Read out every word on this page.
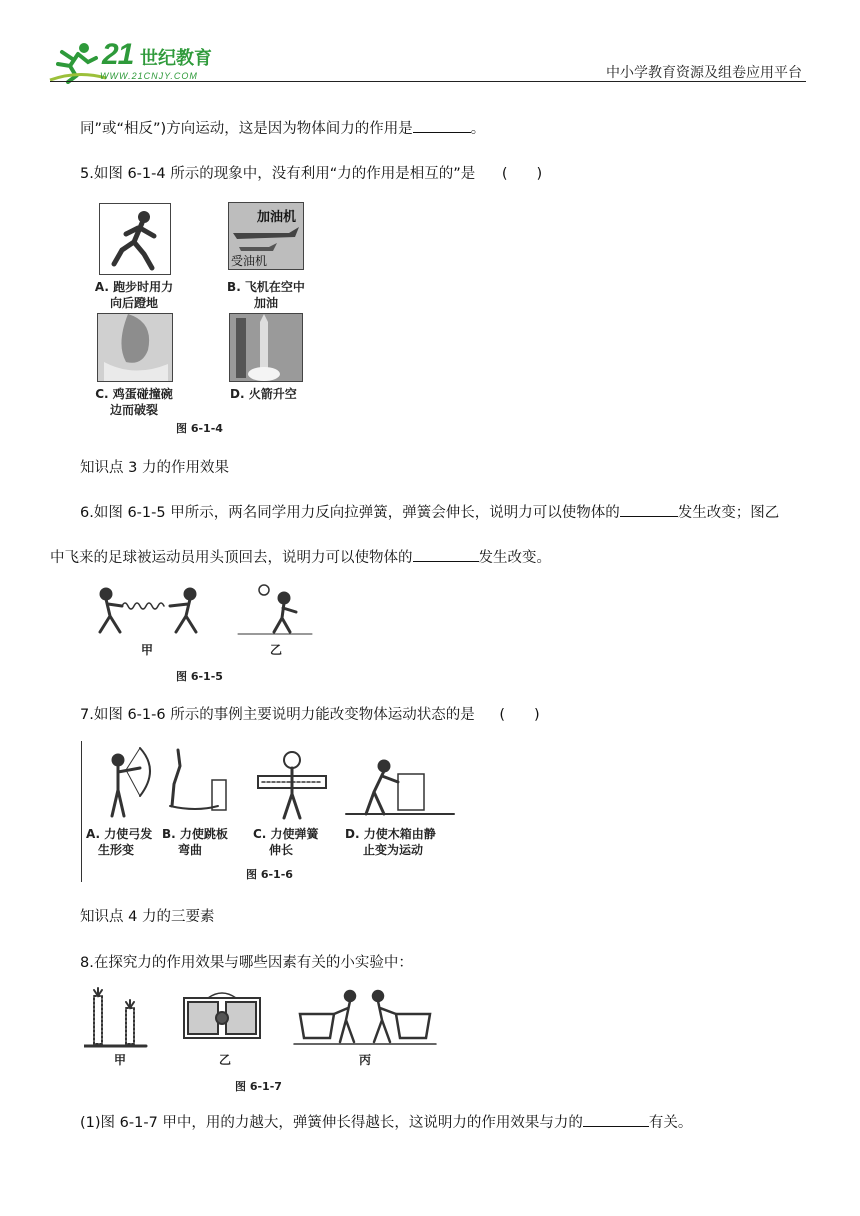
21 世纪教育
WWW.21CNJY.COM	中小学教育资源及组卷应用平台
同”或“相反”)方向运动，这是因为物体间力的作用是	。
5.如图 6-1-4 所示的现象中，没有利用“力的作用是相互的”是 (　　)
A. 跑步时用力
向后蹬地
加油机
受油机
B. 飞机在空中
加油
C. 鸡蛋碰撞碗
边而破裂
D. 火箭升空
图 6-1-4
知识点 3 力的作用效果
6.如图 6-1-5 甲所示，两名同学用力反向拉弹簧，弹簧会伸长，说明力可以使物体的	发生改变；图乙
中飞来的足球被运动员用头顶回去，说明力可以使物体的	发生改变。
甲	乙
图 6-1-5
7.如图 6-1-6 所示的事例主要说明力能改变物体运动状态的是 (　　)
A. 力使弓发
生形变
B. 力使跳板
弯曲
C. 力使弹簧
伸长
D. 力使木箱由静
止变为运动
图 6-1-6
知识点 4 力的三要素
8.在探究力的作用效果与哪些因素有关的小实验中：
甲	乙	丙
图 6-1-7
(1)图 6-1-7 甲中，用的力越大，弹簧伸长得越长，这说明力的作用效果与力的	有关。
